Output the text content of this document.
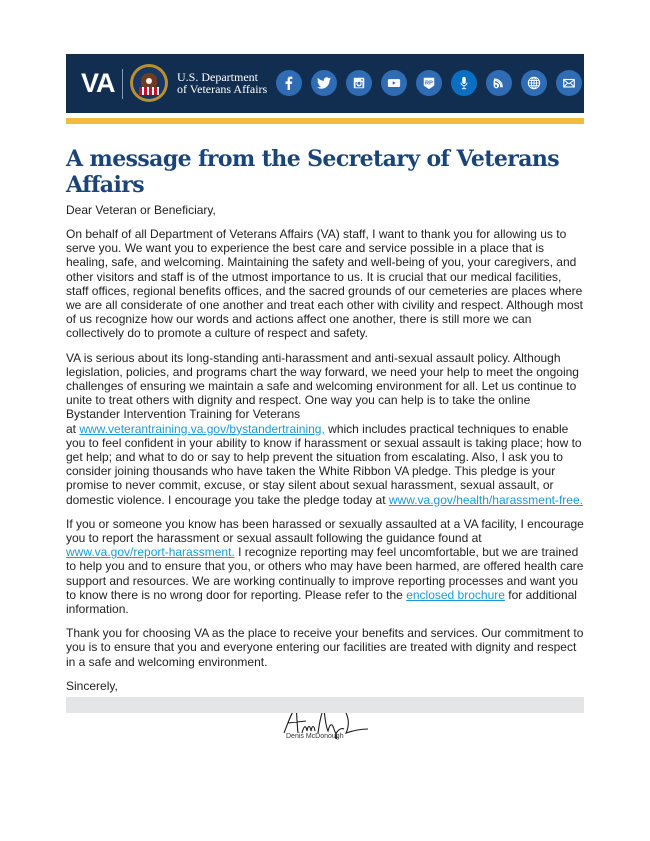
VA	U.S. Department
of Veterans Affairs	RP
A message from the Secretary of Veterans Affairs
Dear Veteran or Beneficiary,

On behalf of all Department of Veterans Affairs (VA) staff, I want to thank you for allowing us to serve you. We want you to experience the best care and service possible in a place that is healing, safe, and welcoming. Maintaining the safety and well-being of you, your caregivers, and other visitors and staff is of the utmost importance to us. It is crucial that our medical facilities, staff offices, regional benefits offices, and the sacred grounds of our cemeteries are places where we are all considerate of one another and treat each other with civility and respect. Although most of us recognize how our words and actions affect one another, there is still more we can collectively do to promote a culture of respect and safety.

VA is serious about its long-standing anti-harassment and anti-sexual assault policy. Although legislation, policies, and programs chart the way forward, we need your help to meet the ongoing challenges of ensuring we maintain a safe and welcoming environment for all. Let us continue to unite to treat others with dignity and respect. One way you can help is to take the online Bystander Intervention Training for Veterans
at www.veterantraining.va.gov/bystandertraining, which includes practical techniques to enable you to feel confident in your ability to know if harassment or sexual assault is taking place; how to get help; and what to do or say to help prevent the situation from escalating. Also, I ask you to consider joining thousands who have taken the White Ribbon VA pledge. This pledge is your promise to never commit, excuse, or stay silent about sexual harassment, sexual assault, or domestic violence. I encourage you take the pledge today at www.va.gov/health/harassment-free.

If you or someone you know has been harassed or sexually assaulted at a VA facility, I encourage you to report the harassment or sexual assault following the guidance found at www.va.gov/report-harassment. I recognize reporting may feel uncomfortable, but we are trained to help you and to ensure that you, or others who may have been harmed, are offered health care support and resources. We are working continually to improve reporting processes and want you to know there is no wrong door for reporting. Please refer to the enclosed brochure for additional information.

Thank you for choosing VA as the place to receive your benefits and services. Our commitment to you is to ensure that you and everyone entering our facilities are treated with dignity and respect in a safe and welcoming environment.

Sincerely,

Denis McDonough
